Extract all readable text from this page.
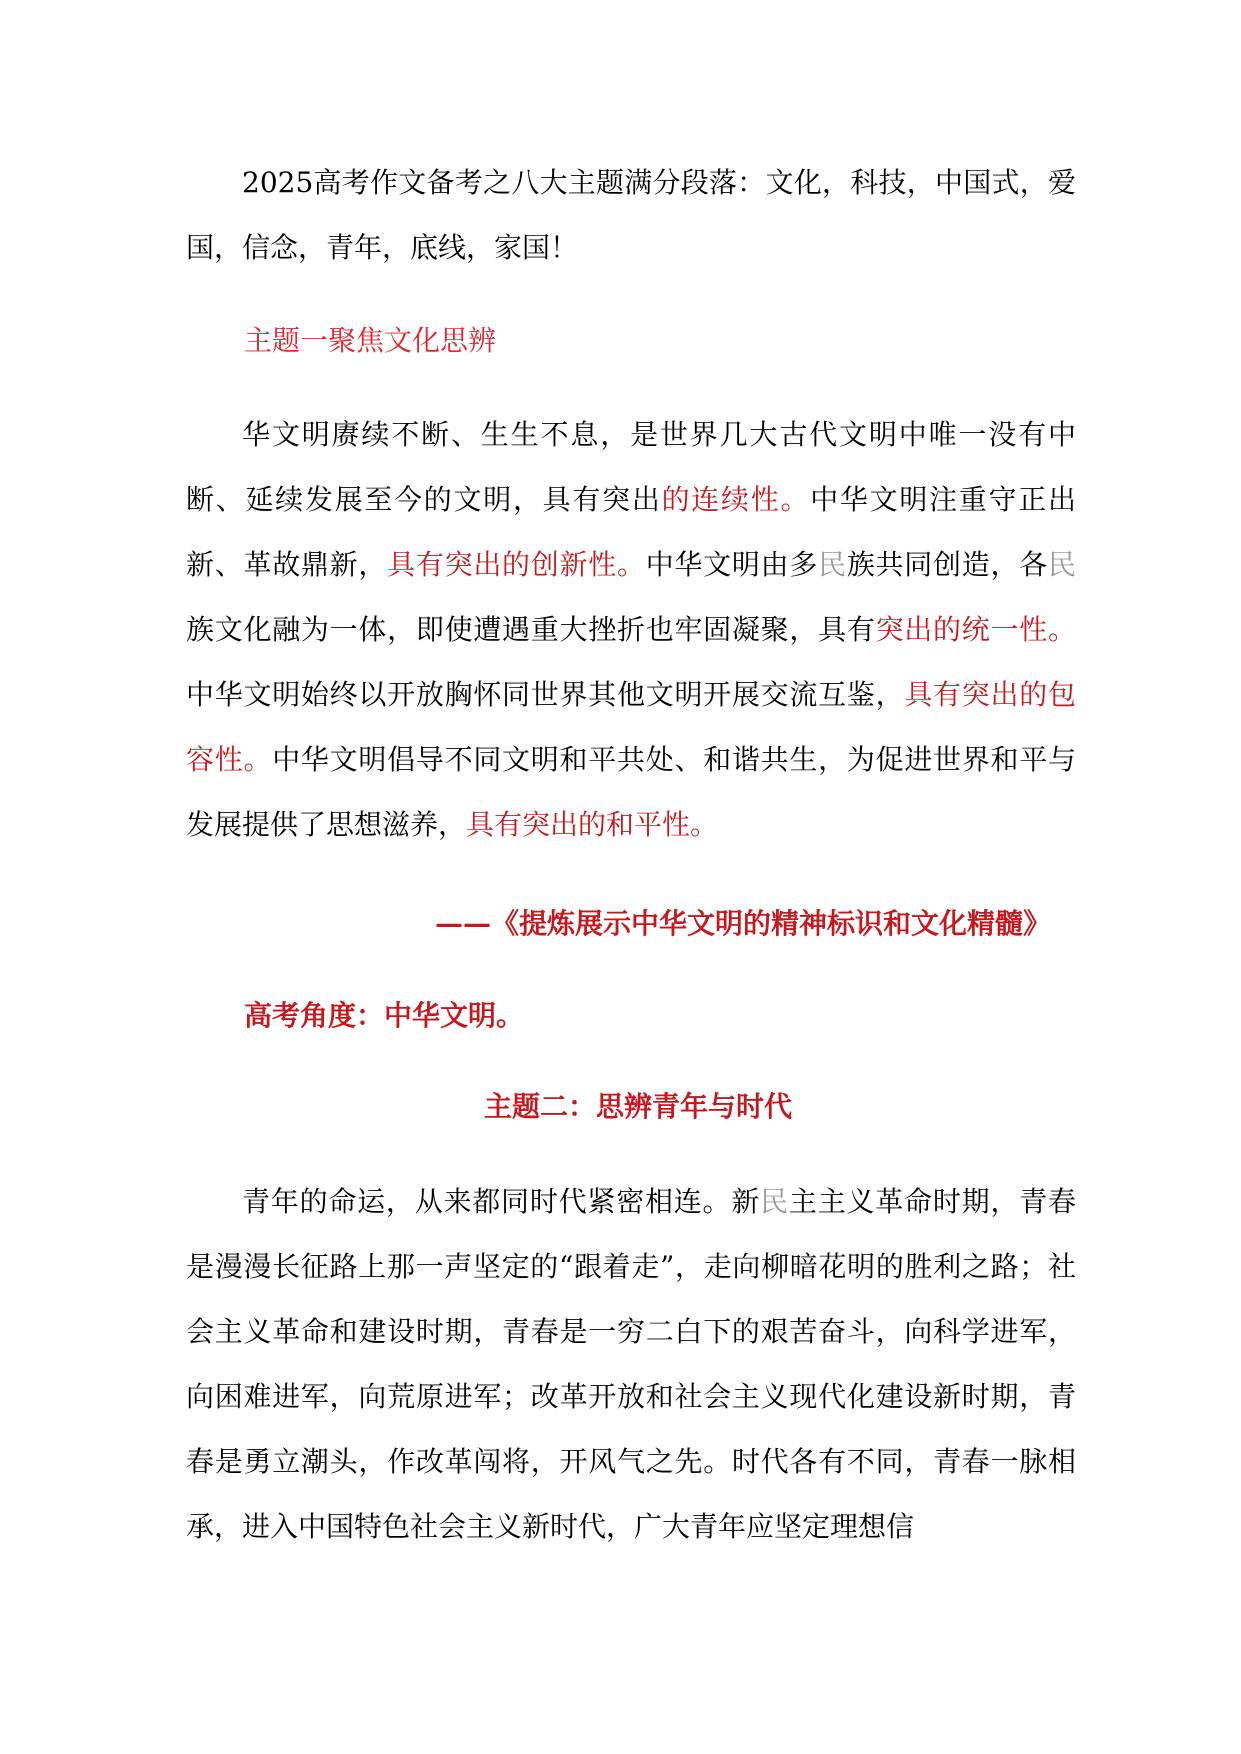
2025高考作文备考之八大主题满分段落：文化，科技，中国式，爱国，信念，青年，底线，家国！

主题一聚焦文化思辨

华文明赓续不断、生生不息，是世界几大古代文明中唯一没有中断、延续发展至今的文明，具有突出的连续性。中华文明注重守正出新、革故鼎新，具有突出的创新性。中华文明由多民族共同创造，各民族文化融为一体，即使遭遇重大挫折也牢固凝聚，具有突出的统一性。中华文明始终以开放胸怀同世界其他文明开展交流互鉴，具有突出的包容性。中华文明倡导不同文明和平共处、和谐共生，为促进世界和平与发展提供了思想滋养，具有突出的和平性。

——《提炼展示中华文明的精神标识和文化精髓》

高考角度：中华文明。

主题二：思辨青年与时代

青年的命运，从来都同时代紧密相连。新民主主义革命时期，青春是漫漫长征路上那一声坚定的“跟着走”，走向柳暗花明的胜利之路；社会主义革命和建设时期，青春是一穷二白下的艰苦奋斗，向科学进军，向困难进军，向荒原进军；改革开放和社会主义现代化建设新时期，青春是勇立潮头，作改革闯将，开风气之先。时代各有不同，青春一脉相承，进入中国特色社会主义新时代，广大青年应坚定理想信
